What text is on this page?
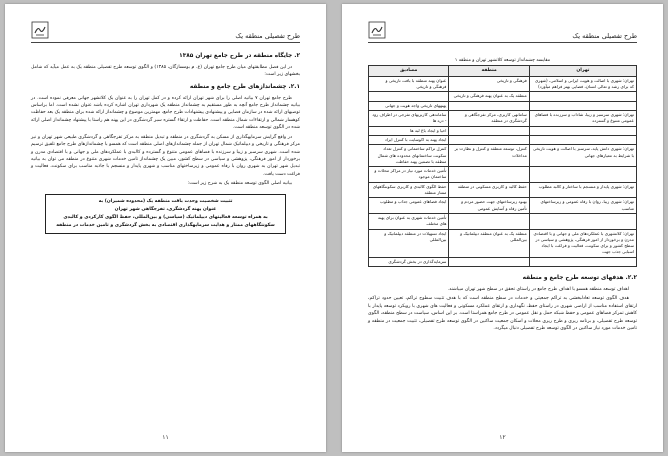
طرح تفصیلی منطقه یک
۲. جایگاه منطقه در طرح جامع تهران ۱۳۸۵
در این فصل مطابقتهای میان طرح جامع تهران (ع. م بومسازگان، ۱۳۸۵) و الگوی توسعه طرح تفصیلی منطقه یک به عمل میآید که شامل بخشهای زیر است:
۲.۱. چشماندازهای طرح جامع و منطقه
طرح جامع تهران ۷ بیانیه اصلی را برای شهر تهران ارائه کرده و در کمل تهران را به عنوان یک کلانشهر جهانی معرفی نموده است. در بیانیه چشمانداز طرح جامع آنچه به طور مستقیم به چشمانداز منطقه یک شهرداری تهران اشاره کرده باشد عنوان نشده است. اما براساس توصیهای ارائه شده در سازمان فضایی و پیشنهادی پیشنهادات طرح جامع، مهمترین موضوع و چشمانداز ارائه شده برای منطقه یک بعد حفاظت کوهسار شمالی و ارتقاءات شمال منطقه است. حفاظت و ارتقاء گستره سبز گردشگری در این پهنه هم راستا با پیشنهاد چشمانداز اصلی ارائه شده در الگوی توسعه منطقه است.
در واقع گرایش سرمایهگذاری از مسکن به گردشگری در منطقه و تبدیل منطقه به مرکز تفرجگاهی و گردشگری طبیعی شهر تهران و نیز مرکز فرهنگی و تاریخی و دیپلماتیک شمال تهران از جمله چشماندازهای اصلی منطقه است که همسو با چشماندازهای طرح جامع تلفیق ترسیم شده است. شهری سرسبز و زیبا و سرزنده با فضاهای عمومی متنوع و گسترده و کالبدی با عملکردهای ملی و جهانی و با اقتصادی مدرن و برخوردار از امور فرهنگی، پژوهشی و سیاسی در سطح کشور، مبین یک چشمانداز تامین خدمات شهری متنوع در منطقه می توان به بیانیه تبدیل شهر تهران به شهری روان با رفاه عمومی و زیرساختهای مناسب و شهری پایدار و منسجم با جاذبه مناسب برای سکونت، فعالیت و فراغت دست یافت.
بیانیه اصلی الگوی توسعه منطقه یک به شرح زیر است:
تثبیت شخصیت وحدت بافت منطقه یک (محدوده شمیران) به
عنوان پهنه گردشگری، تفرجگاهی شهر تهران
به همراه توسعه فعالیتهای دیپلماتیک (سیاسی) و بین‌المللی، حفظ الگوی کارکردی و کالبدی
سکونتگاههای ممتاز و هدایت سرمایهگذاری اقتصادی به بخش گردشگری و تامین خدمات در منطقه
۱۱
طرح تفصیلی منطقه یک
مقایسه چشمانداز توسعه کلانشهر تهران و منطقه ۱
تهران	منطقه	مصادیق
تهران: شهری با اصالت و هویت ایرانی و اسلامی، (شهری که برای رشد و تعالی انسان، فضایی بهتر فراهم میآورد)	فرهنگی و تاریخی	عنوان پهنه منطقه با بافت تاریخی و فرهنگی و تاریخی
	منطقه یک به عنوان پهنه فرهنگی و تاریخی	
		پهنههای تاریخی واجد هویت و جهانی
تهران: شهری سرسبز و زیبا، شاداب و سرزنده با فضاهای عمومی متنوع و گسترده	سامانهی کاربری، مرکز تفرجگاهی و گردشگری در منطقه	ساماندهی کاربریهای تفرجی در اطراف رود - دره ها
		احیا و ایجاد باغ لبه ها
		ایجاد پهنه به اکوسایت با کنترل ایراد
تهران: شهری دانش پایه، سرسبز با اصالت و هویت تاریخی با شرایط به معیارهای جهانی	کنترل، توسعه منطقه و کنترل و نظارت بر مداخلات	کنترل تراکم ساختمانی و کنترل تعداد سکونت ساختمانهای محدوده های شمال منطقه با تضمین پهنه حفاظت
		تأمین خدمات مورد نیاز در مراکز محلات و ساختمان موجود
تهران: شهری پایدار و منسجم با ساختار و کالبد مطلوب	حفظ کالبد و کاربری مسکونی در منطقه	حفظ الگوی کالبدی و کاربری سکونتگاههای ممتاز منطقه
تهران: شهری زیبا، روان با رفاه عمومی و زیرساختهای مناسب	بهبود زیرساختهای جهت حضور مردم و تأمین رفاه و آسایش عمومی	ایجاد فضاهای عمومی جذاب و مطلوب
		تأمین خدمات شهری به عنوان برای پهنه های مختلف
تهران: کلانشهری با عملکردهای ملی و جهانی و با اقتصادی مدرن و برخوردار از امور فرهنگی، پژوهشی و سیاسی در سطح کشور و برای سکونت، فعالیت و فراغت با ایجاد اسبابی جذب جهت	منطقه یک به عنوان منطقه دیپلماتیک و بین‌المللی	ایجاد تسهیلات در منطقه دیپلماتیک و بین‌المللی
		سرمایه‌گذاری در بخش گردشگری
۲.۲. هدفهای توسعه طرح جامع و منطقه
اهداف توسعه منطقه همسو با اهداف طرح جامع در راستای تحقق در سطح شهر تهران میباشند.
هدف الگوی توسعه تعادلبخشی به تراکم جمعیتی و خدمات در سطح منطقه است که با هدف تثبیت سطوح تراکم، تعیین حدود تراکم، ارتقای استفاده مناسب از اراضی شهری در راستای حفظ، نگهداری و ارتقای عملکرد مسکونی و فعالیت های شهری با رویکرد توسعه پایدار با کاهش تمرکز فضاهای عمومی و حفظ شبکه حمل و نقل عمومی در طرح جامع همراستا است. بر این اساس، سیاست در سطح منطقه، الگوی توسعه طرح تفصیلی، و برنامه ریزی و طرح ریزی محلات و اسکان جمعیت ساکنین در الگوی توسعه طرح تفصیلی، تثبیت جمعیت در منطقه و تامین خدمات مورد نیاز ساکنین در الگوی توسعه طرح تفصیلی دنبال میگردد.
۱۲
